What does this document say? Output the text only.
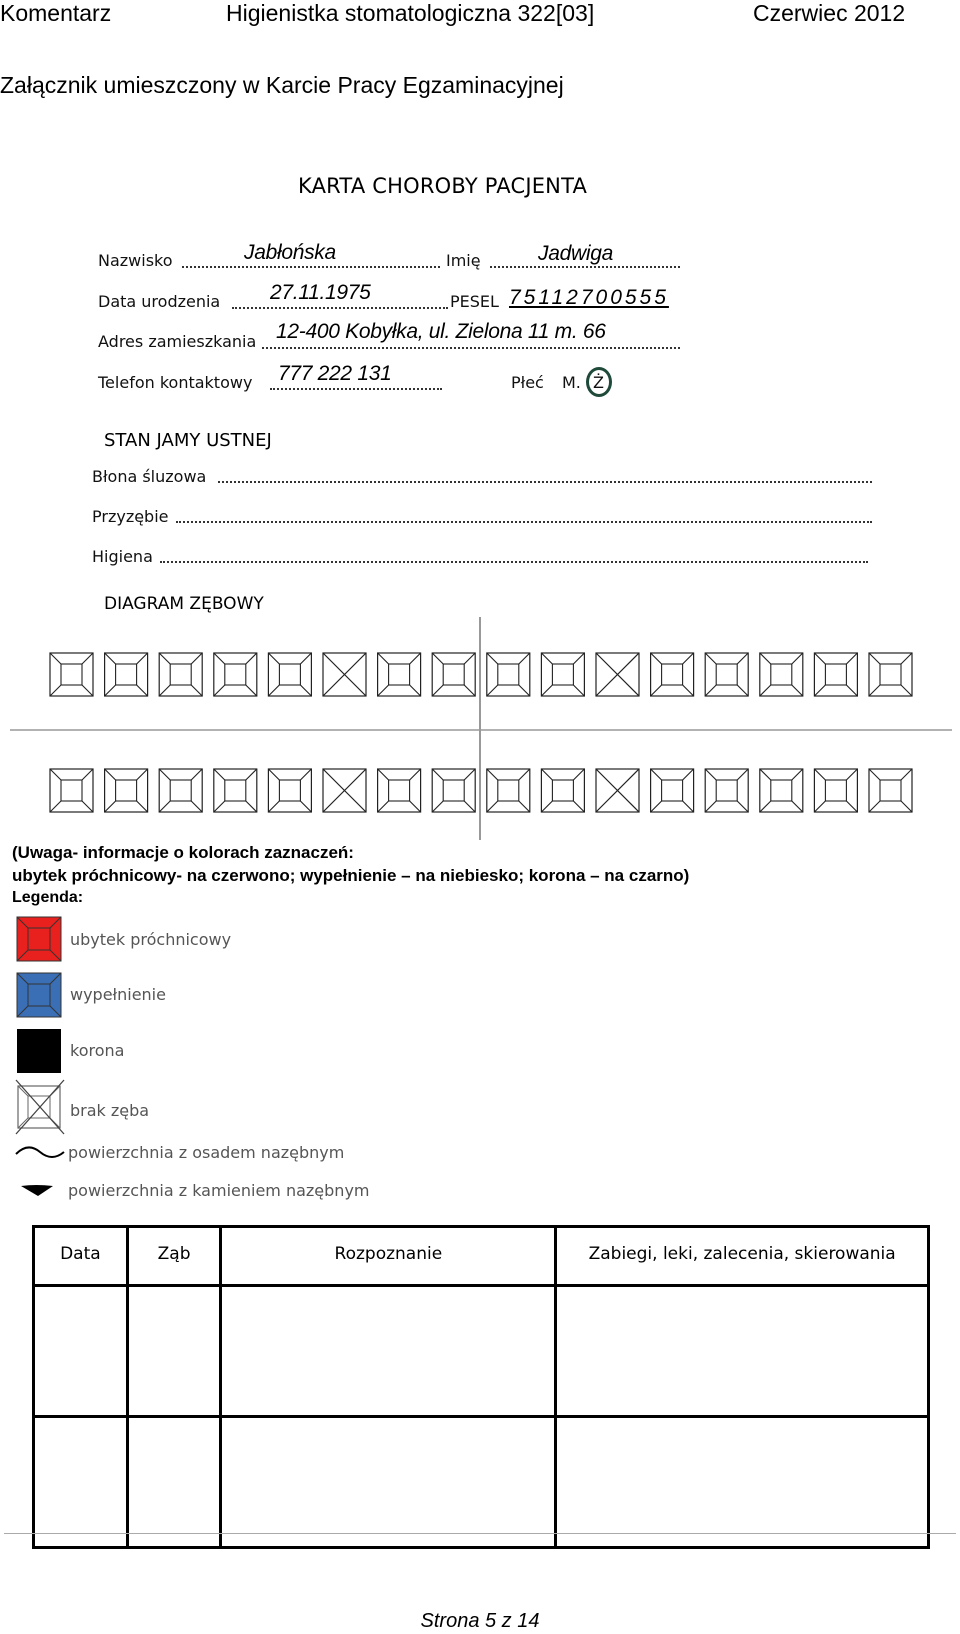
Komentarz	Higienistka stomatologiczna 322[03]	Czerwiec 2012
Załącznik umieszczony w Karcie Pracy Egzaminacyjnej
KARTA CHOROBY PACJENTA
Nazwisko	Jabłońska	Imię	Jadwiga
Data urodzenia 27.11.1975	PESEL 75112700555
Adres zamieszkania 12-400 Kobyłka, ul. Zielona 11 m. 66
Telefon kontaktowy 777 222 131	Płeć M. Ż
STAN JAMY USTNEJ
Błona śluzowa
Przyzębie
Higiena
DIAGRAM ZĘBOWY
(Uwaga- informacje o kolorach zaznaczeń:
ubytek próchnicowy- na czerwono; wypełnienie – na niebiesko; korona – na czarno)
Legenda:
ubytek próchnicowy
wypełnienie
korona
brak zęba
powierzchnia z osadem nazębnym
powierzchnia z kamieniem nazębnym
Data	Ząb	Rozpoznanie	Zabiegi, leki, zalecenia, skierowania

Strona 5 z 14
